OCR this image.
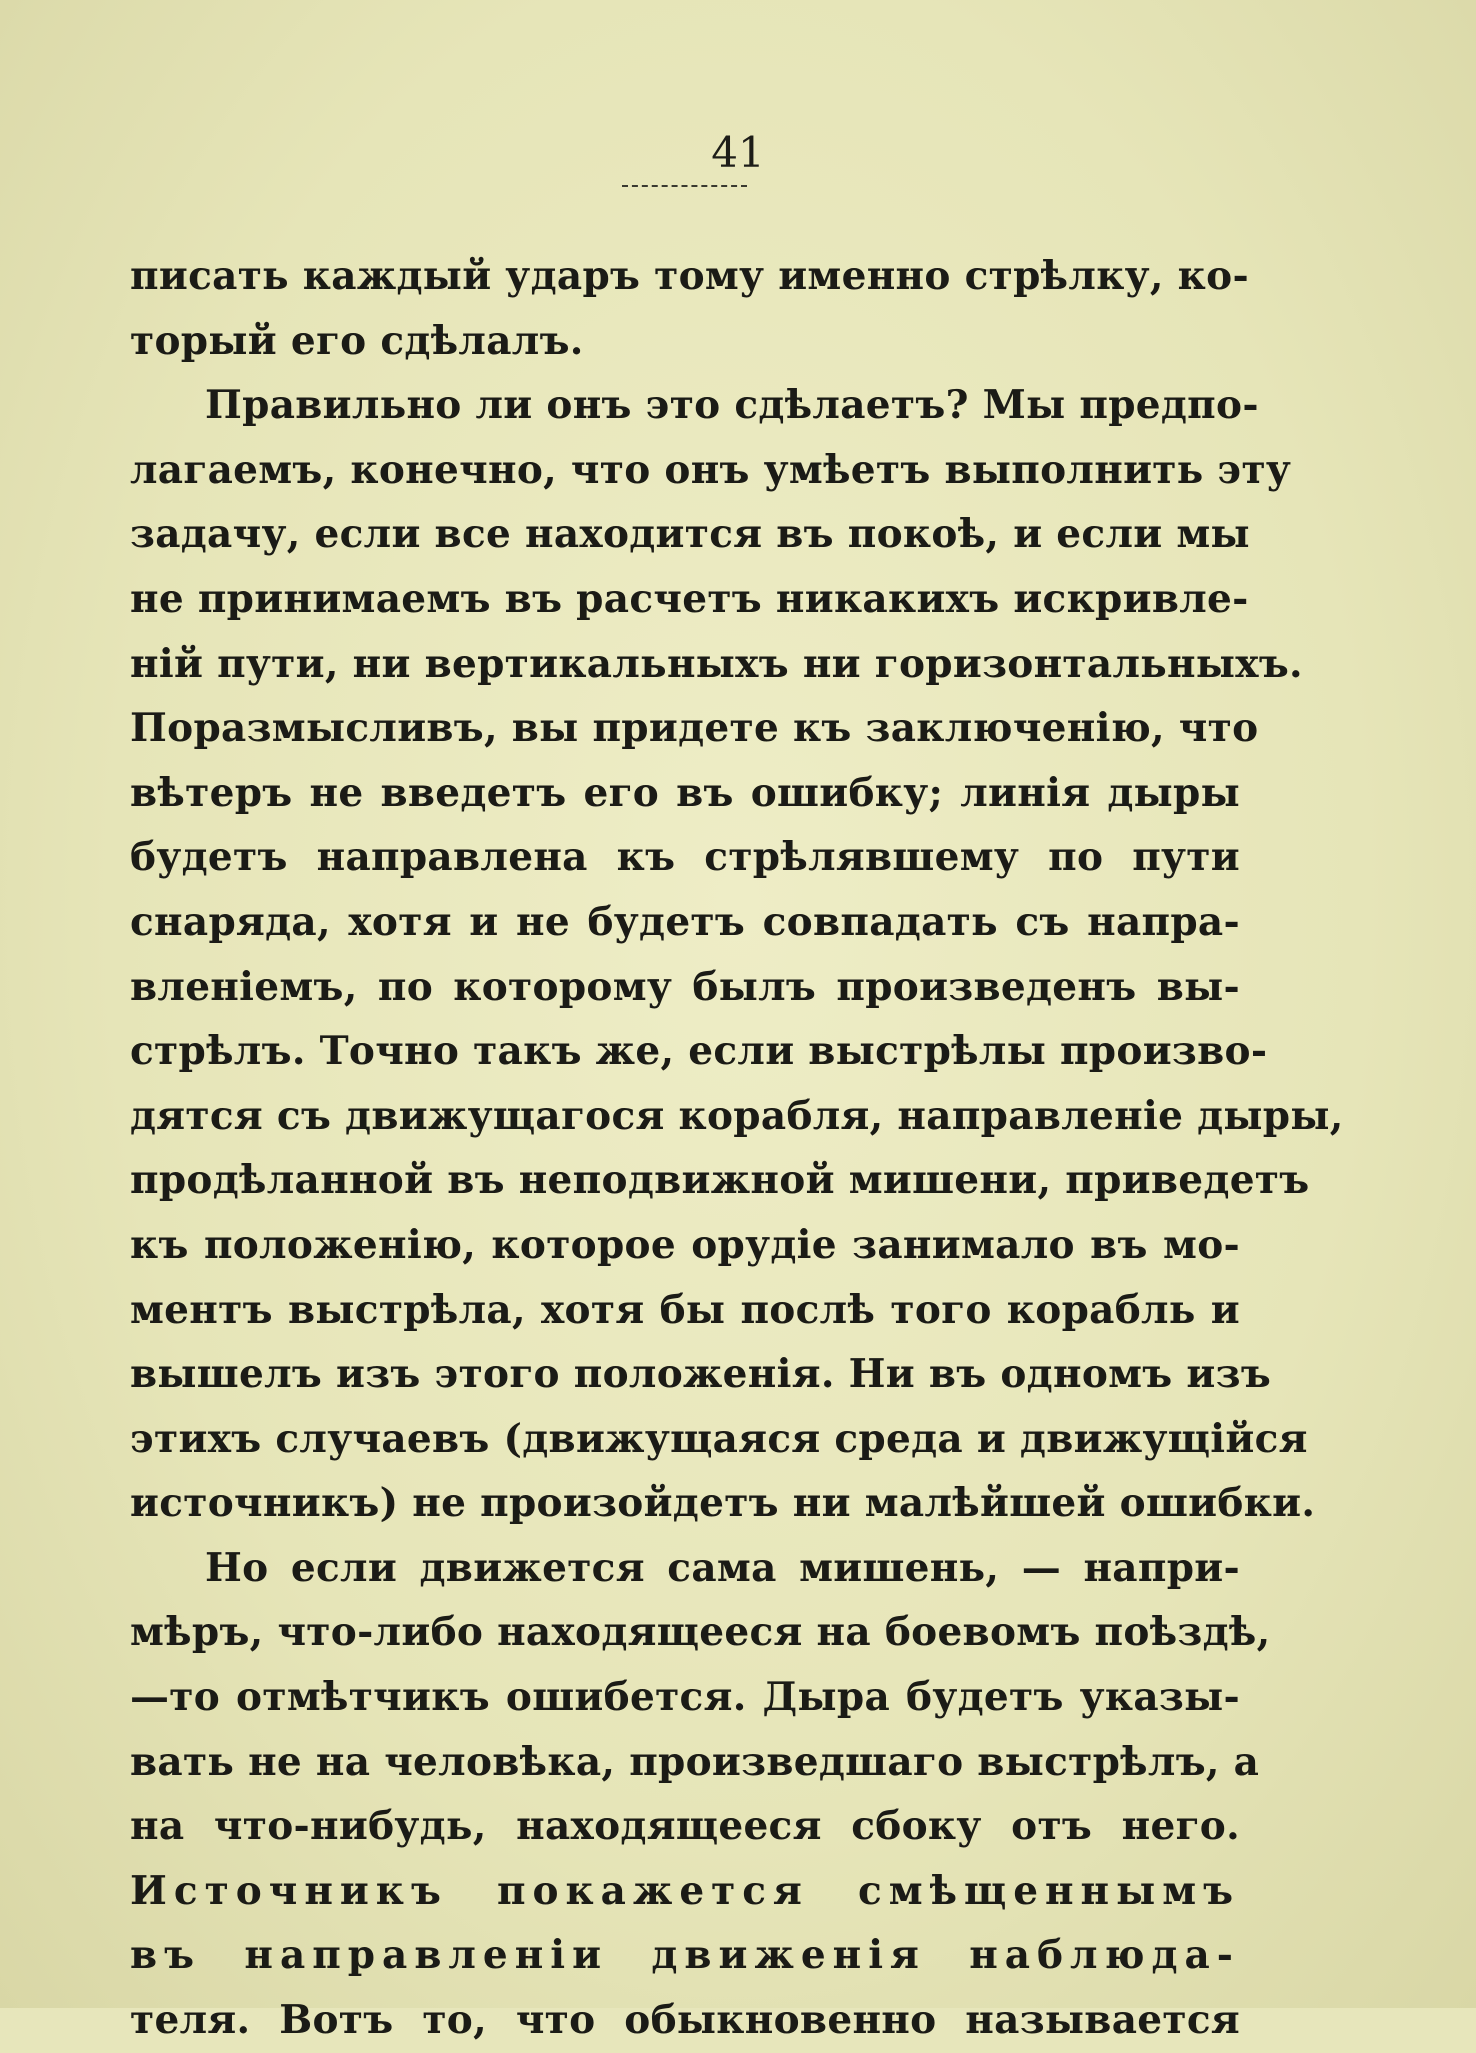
41
писать каждый ударъ тому именно стрѣлку, ко-
торый его сдѣлалъ.
Правильно ли онъ это сдѣлаетъ? Мы предпо-
лагаемъ, конечно, что онъ умѣетъ выполнить эту
задачу, если все находится въ покоѣ, и если мы
не принимаемъ въ расчетъ никакихъ искривле-
нiй пути, ни вертикальныхъ ни горизонтальныхъ.
Поразмысливъ, вы придете къ заключенiю, что
вѣтеръ не введетъ его въ ошибку; линiя дыры
будетъ направлена къ стрѣлявшему по пути
снаряда, хотя и не будетъ совпадать съ напра-
вленiемъ, по которому былъ произведенъ вы-
стрѣлъ. Точно такъ же, если выстрѣлы произво-
дятся съ движущагося корабля, направленiе дыры,
продѣланной въ неподвижной мишени, приведетъ
къ положенiю, которое орудiе занимало въ мо-
ментъ выстрѣла, хотя бы послѣ того корабль и
вышелъ изъ этого положенiя. Ни въ одномъ изъ
этихъ случаевъ (движущаяся среда и движущiйся
источникъ) не произойдетъ ни малѣйшей ошибки.
Но если движется сама мишень, — напри-
мѣръ, что-либо находящееся на боевомъ поѣздѣ,
—то отмѣтчикъ ошибется. Дыра будетъ указы-
вать не на человѣка, произведшаго выстрѣлъ, а
на что-нибудь, находящееся сбоку отъ него.
Источникъ покажется смѣщеннымъ
въ направленiи движенiя наблюда-
теля. Вотъ то, что обыкновенно называется
